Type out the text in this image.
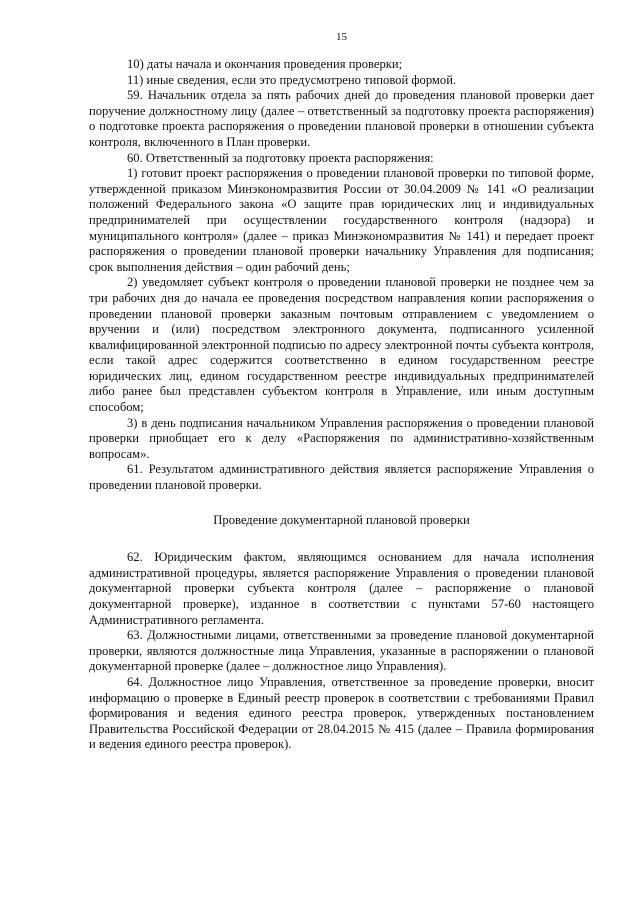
15

10) даты начала и окончания проведения проверки;

11) иные сведения, если это предусмотрено типовой формой.

59. Начальник отдела за пять рабочих дней до проведения плановой проверки дает поручение должностному лицу (далее – ответственный за подготовку проекта распоряжения) о подготовке проекта распоряжения о проведении плановой проверки в отношении субъекта контроля, включенного в План проверки.

60. Ответственный за подготовку проекта распоряжения:

1) готовит проект распоряжения о проведении плановой проверки по типовой форме, утвержденной приказом Минэкономразвития России от 30.04.2009 № 141 «О реализации положений Федерального закона «О защите прав юридических лиц и индивидуальных предпринимателей при осуществлении государственного контроля (надзора) и муниципального контроля» (далее – приказ Минэкономразвития № 141) и передает проект распоряжения о проведении плановой проверки начальнику Управления для подписания; срок выполнения действия – один рабочий день;

2) уведомляет субъект контроля о проведении плановой проверки не позднее чем за три рабочих дня до начала ее проведения посредством направления копии распоряжения о проведении плановой проверки заказным почтовым отправлением с уведомлением о вручении и (или) посредством электронного документа, подписанного усиленной квалифицированной электронной подписью по адресу электронной почты субъекта контроля, если такой адрес содержится соответственно в едином государственном реестре юридических лиц, едином государственном реестре индивидуальных предпринимателей либо ранее был представлен субъектом контроля в Управление, или иным доступным способом;

3) в день подписания начальником Управления распоряжения о проведении плановой проверки приобщает его к делу «Распоряжения по административно-хозяйственным вопросам».

61. Результатом административного действия является распоряжение Управления о проведении плановой проверки.

Проведение документарной плановой проверки

62. Юридическим фактом, являющимся основанием для начала исполнения административной процедуры, является распоряжение Управления о проведении плановой документарной проверки субъекта контроля (далее – распоряжение о плановой документарной проверке), изданное в соответствии с пунктами 57-60 настоящего Административного регламента.

63. Должностными лицами, ответственными за проведение плановой документарной проверки, являются должностные лица Управления, указанные в распоряжении о плановой документарной проверке (далее – должностное лицо Управления).

64. Должностное лицо Управления, ответственное за проведение проверки, вносит информацию о проверке в Единый реестр проверок в соответствии с требованиями Правил формирования и ведения единого реестра проверок, утвержденных постановлением Правительства Российской Федерации от 28.04.2015 № 415 (далее – Правила формирования и ведения единого реестра проверок).
